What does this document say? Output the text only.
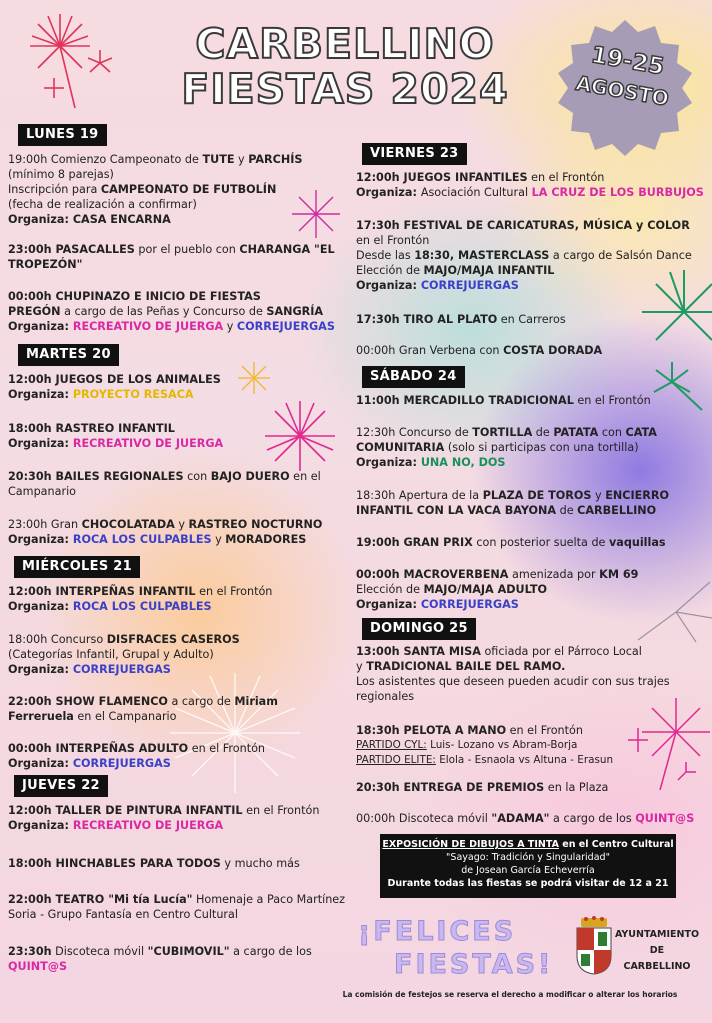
CARBELLINO
FIESTAS 2024
19-25
AGOSTO
LUNES 19
19:00h Comienzo Campeonato de TUTE y PARCHÍS
(mínimo 8 parejas)
Inscripción para CAMPEONATO DE FUTBOLÍN
(fecha de realización a confirmar)
Organiza: CASA ENCARNA
23:00h PASACALLES por el pueblo con CHARANGA "EL
TROPEZÓN"
00:00h CHUPINAZO E INICIO DE FIESTAS
PREGÓN a cargo de las Peñas y Concurso de SANGRÍA
Organiza: RECREATIVO DE JUERGA y CORREJUERGAS
MARTES 20
12:00h JUEGOS DE LOS ANIMALES
Organiza: PROYECTO RESACA
18:00h RASTREO INFANTIL
Organiza: RECREATIVO DE JUERGA
20:30h BAILES REGIONALES con BAJO DUERO en el
Campanario
23:00h Gran CHOCOLATADA y RASTREO NOCTURNO
Organiza: ROCA LOS CULPABLES y MORADORES
MIÉRCOLES 21
12:00h INTERPEÑAS INFANTIL en el Frontón
Organiza: ROCA LOS CULPABLES
18:00h Concurso DISFRACES CASEROS
(Categorías Infantil, Grupal y Adulto)
Organiza: CORREJUERGAS
22:00h SHOW FLAMENCO a cargo de Miriam
Ferreruela en el Campanario
00:00h INTERPEÑAS ADULTO en el Frontón
Organiza: CORREJUERGAS
JUEVES 22
12:00h TALLER DE PINTURA INFANTIL en el Frontón
Organiza: RECREATIVO DE JUERGA
18:00h HINCHABLES PARA TODOS y mucho más
22:00h TEATRO "Mi tía Lucía" Homenaje a Paco Martínez
Soria - Grupo Fantasía en Centro Cultural
23:30h Discoteca móvil "CUBIMOVIL" a cargo de los
QUINT@S
VIERNES 23
12:00h JUEGOS INFANTILES en el Frontón
Organiza: Asociación Cultural LA CRUZ DE LOS BURBUJOS
17:30h FESTIVAL DE CARICATURAS, MÚSICA y COLOR
en el Frontón
Desde las 18:30, MASTERCLASS a cargo de Salsón Dance
Elección de MAJO/MAJA INFANTIL
Organiza: CORREJUERGAS
17:30h TIRO AL PLATO en Carreros
00:00h Gran Verbena con COSTA DORADA
SÁBADO 24
11:00h MERCADILLO TRADICIONAL en el Frontón
12:30h Concurso de TORTILLA de PATATA con CATA
COMUNITARIA (solo si participas con una tortilla)
Organiza: UNA NO, DOS
18:30h Apertura de la PLAZA DE TOROS y ENCIERRO
INFANTIL CON LA VACA BAYONA de CARBELLINO
19:00h GRAN PRIX con posterior suelta de vaquillas
00:00h MACROVERBENA amenizada por KM 69
Elección de MAJO/MAJA ADULTO
Organiza: CORREJUERGAS
DOMINGO 25
13:00h SANTA MISA oficiada por el Párroco Local
y TRADICIONAL BAILE DEL RAMO.
Los asistentes que deseen pueden acudir con sus trajes
regionales
18:30h PELOTA A MANO en el Frontón
PARTIDO CYL: Luis- Lozano vs Abram-Borja
PARTIDO ELITE: Elola - Esnaola vs Altuna - Erasun
20:30h ENTREGA DE PREMIOS en la Plaza
00:00h Discoteca móvil "ADAMA" a cargo de los QUINT@S
EXPOSICIÓN DE DIBUJOS A TINTA en el Centro Cultural
"Sayago: Tradición y Singularidad"
de Josean García Echeverría
Durante todas las fiestas se podrá visitar de 12 a 21
¡FELICES
FIESTAS!
AYUNTAMIENTO
DE
CARBELLINO
La comisión de festejos se reserva el derecho a modificar o alterar los horarios
